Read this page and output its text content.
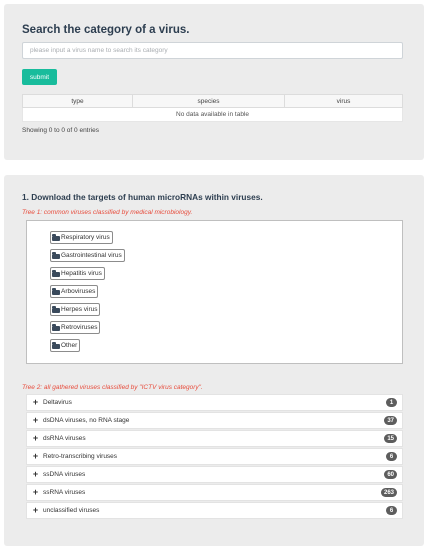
Search the category of a virus.
please input a virus name to search its category
submit
type	species	virus
No data available in table
Showing 0 to 0 of 0 entries
1. Download the targets of human microRNAs within viruses.
Tree 1: common viruses classified by medical microbiology.
Respiratory virus
Gastrointestinal virus
Hepatitis virus
Arboviruses
Herpes virus
Retroviruses
Other
Tree 2: all gathered viruses classified by "ICTV virus category".
+ Deltavirus	1
+ dsDNA viruses, no RNA stage	37
+ dsRNA viruses	15
+ Retro-transcribing viruses	6
+ ssDNA viruses	60
+ ssRNA viruses	263
+ unclassified viruses	6
